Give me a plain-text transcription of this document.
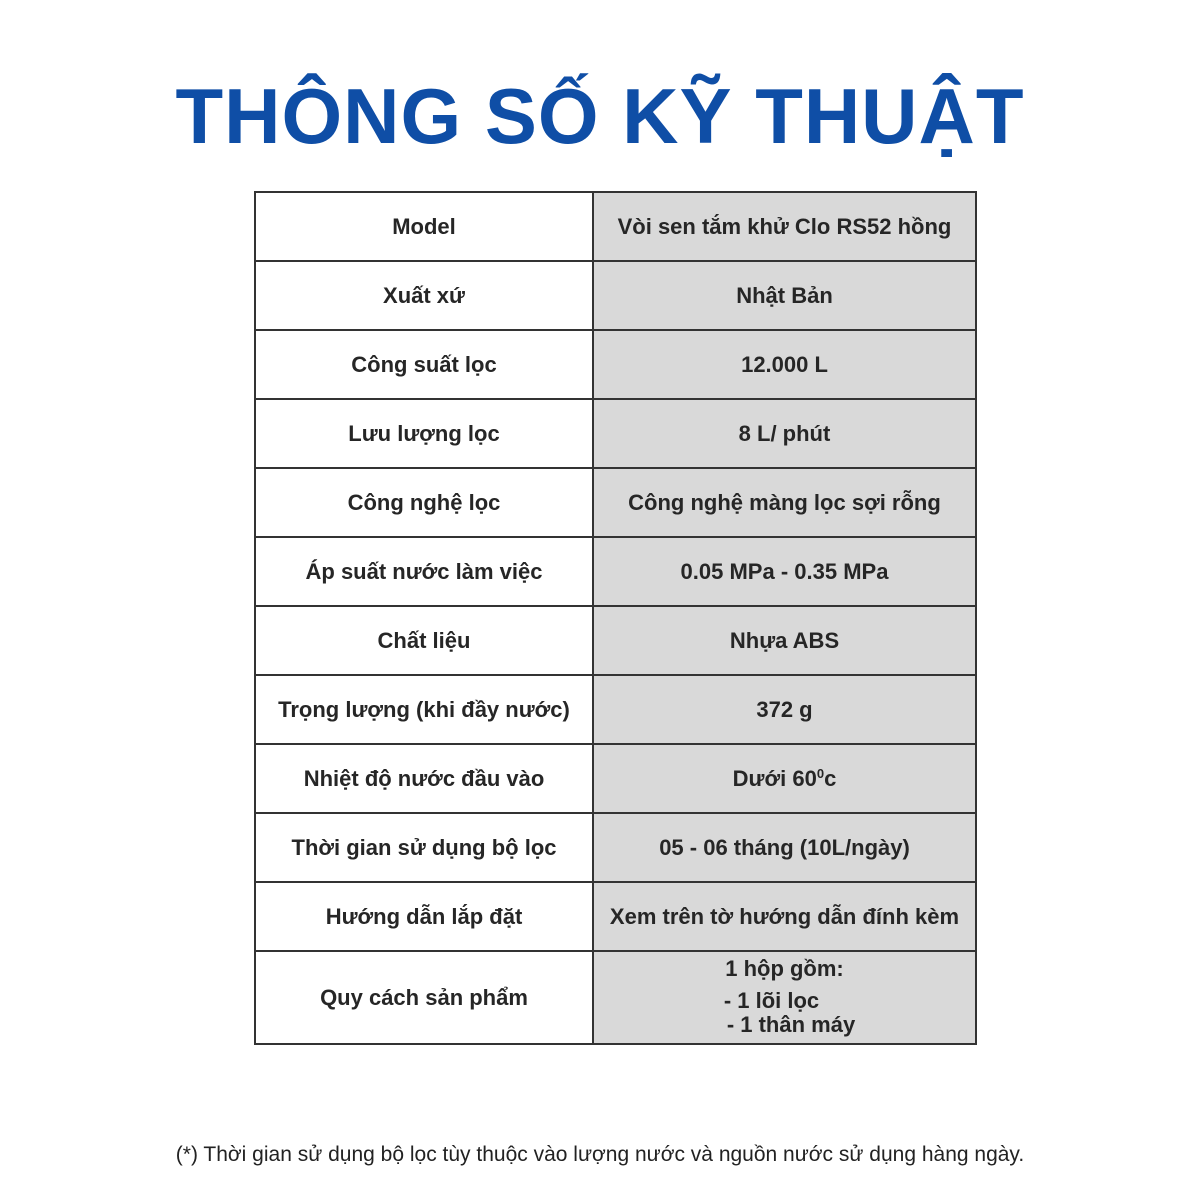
THÔNG SỐ KỸ THUẬT
Model	Vòi sen tắm khử Clo RS52 hồng
Xuất xứ	Nhật Bản
Công suất lọc	12.000 L
Lưu lượng lọc	8 L/ phút
Công nghệ lọc	Công nghệ màng lọc sợi rỗng
Áp suất nước làm việc	0.05 MPa - 0.35 MPa
Chất liệu	Nhựa ABS
Trọng lượng (khi đầy nước)	372 g
Nhiệt độ nước đầu vào	Dưới $60^0c$
Thời gian sử dụng bộ lọc	05 - 06 tháng (10L/ngày)
Hướng dẫn lắp đặt	Xem trên tờ hướng dẫn đính kèm
Quy cách sản phẩm	1 hộp gồm:
- 1 lõi lọc
- 1 thân máy
(*) Thời gian sử dụng bộ lọc tùy thuộc vào lượng nước và nguồn nước sử dụng hàng ngày.
